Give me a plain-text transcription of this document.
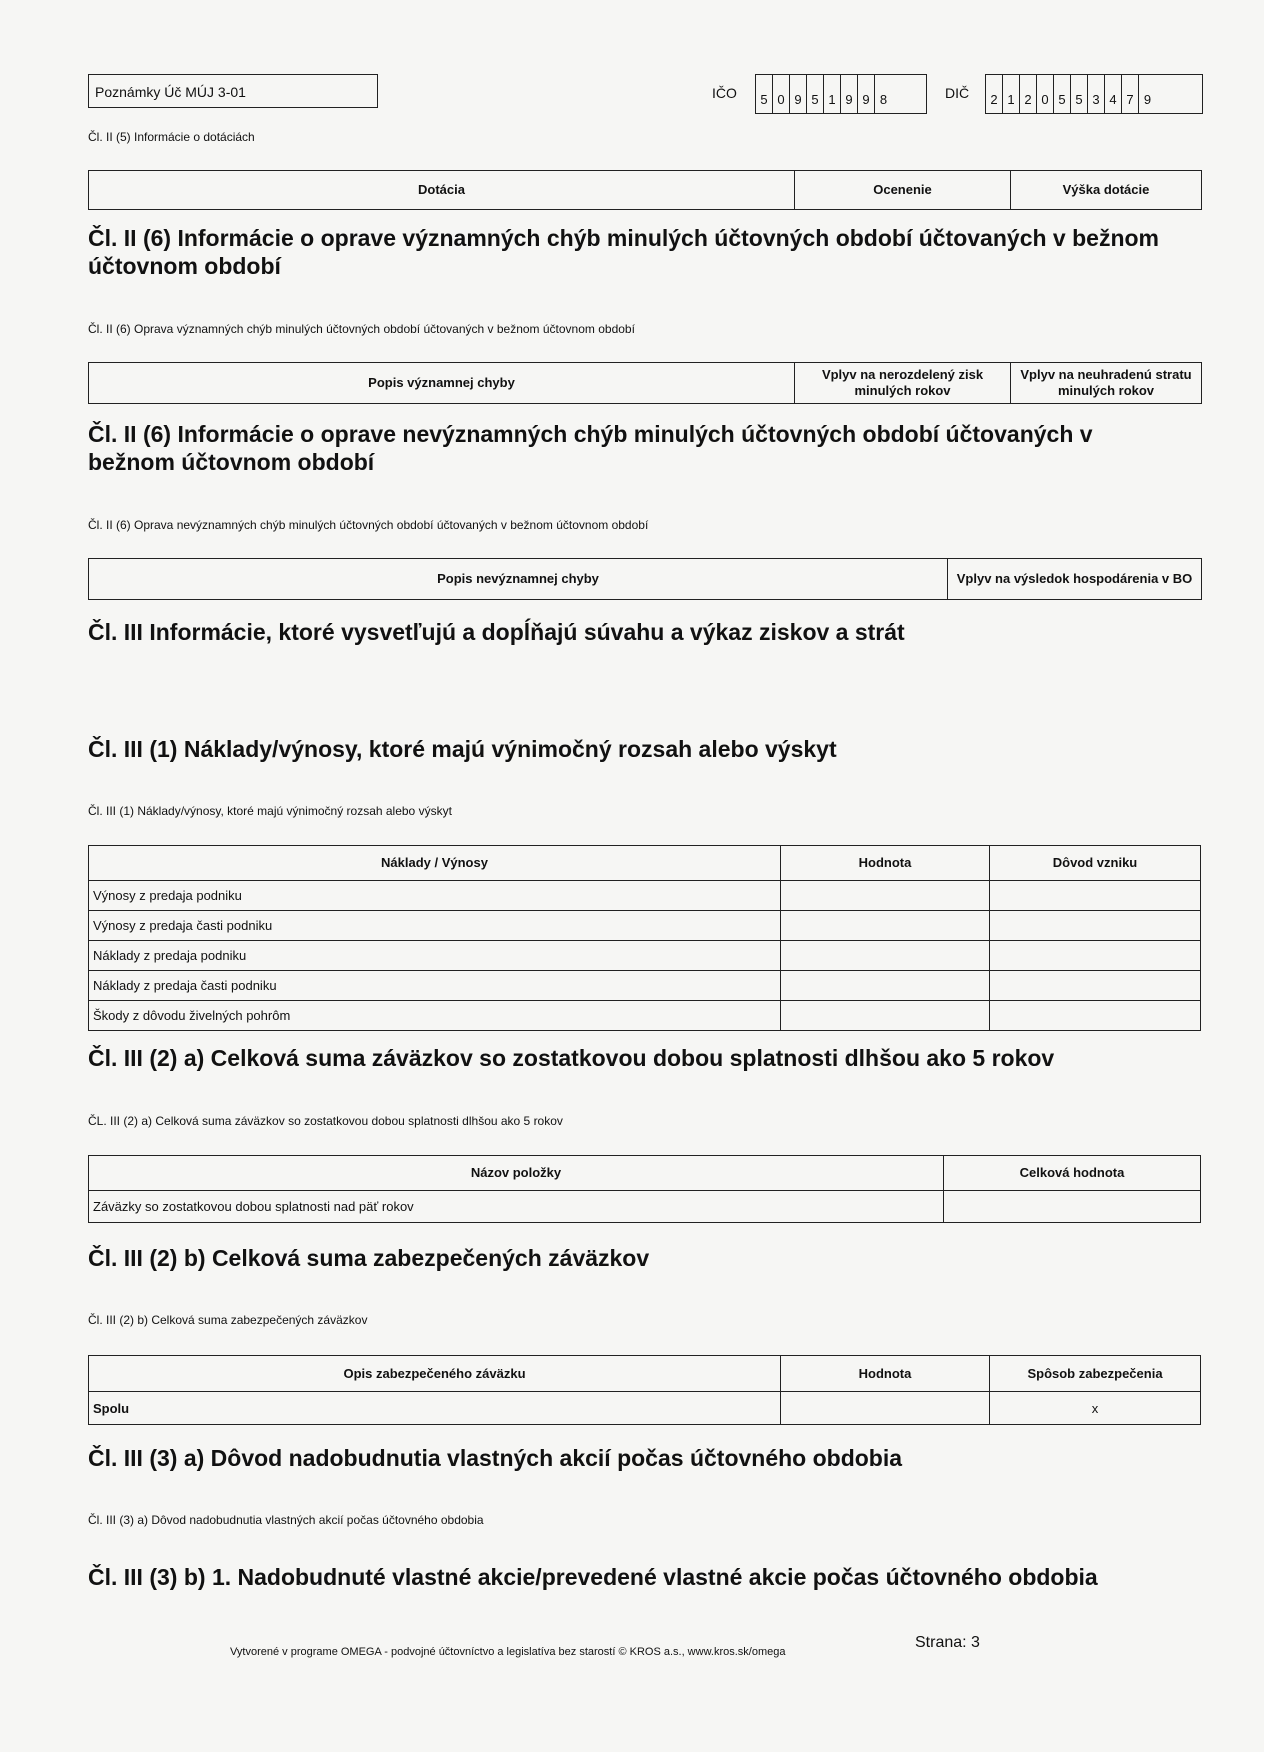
Poznámky Úč MÚJ 3-01	IČO	5 0 9 5 1 9 9 8	DIČ	2 1 2 0 5 5 3 4 7 9
Čl. II (5) Informácie o dotáciách
Dotácia	Ocenenie	Výška dotácie
Čl. II (6) Informácie o oprave významných chýb minulých účtovných období účtovaných v bežnom účtovnom období
Čl. II (6) Oprava významných chýb minulých účtovných období účtovaných v bežnom účtovnom období
Popis významnej chyby	Vplyv na nerozdelený zisk minulých rokov	Vplyv na neuhradenú stratu minulých rokov
Čl. II (6) Informácie o oprave nevýznamných chýb minulých účtovných období účtovaných v bežnom účtovnom období
Čl. II (6) Oprava nevýznamných chýb minulých účtovných období účtovaných v bežnom účtovnom období
Popis nevýznamnej chyby	Vplyv na výsledok hospodárenia v BO
Čl. III Informácie, ktoré vysvetľujú a dopĺňajú súvahu a výkaz ziskov a strát
Čl. III (1) Náklady/výnosy, ktoré majú výnimočný rozsah alebo výskyt
Čl. III (1) Náklady/výnosy, ktoré majú výnimočný rozsah alebo výskyt
Náklady / Výnosy	Hodnota	Dôvod vzniku
Výnosy z predaja podniku		
Výnosy z predaja časti podniku		
Náklady z predaja podniku		
Náklady z predaja časti podniku		
Škody z dôvodu živelných pohrôm		
Čl. III (2) a) Celková suma záväzkov so zostatkovou dobou splatnosti dlhšou ako 5 rokov
ČL. III (2) a) Celková suma záväzkov so zostatkovou dobou splatnosti dlhšou ako 5 rokov
Názov položky	Celková hodnota
Záväzky so zostatkovou dobou splatnosti nad päť rokov	
Čl. III (2) b) Celková suma zabezpečených záväzkov
Čl. III (2) b) Celková suma zabezpečených záväzkov
Opis zabezpečeného záväzku	Hodnota	Spôsob zabezpečenia
Spolu		x
Čl. III (3) a) Dôvod nadobudnutia vlastných akcií počas účtovného obdobia
Čl. III (3) a) Dôvod nadobudnutia vlastných akcií počas účtovného obdobia
Čl. III (3) b) 1. Nadobudnuté vlastné akcie/prevedené vlastné akcie počas účtovného obdobia
Vytvorené v programe OMEGA - podvojné účtovníctvo a legislatíva bez starostí © KROS a.s., www.kros.sk/omega
Strana: 3
